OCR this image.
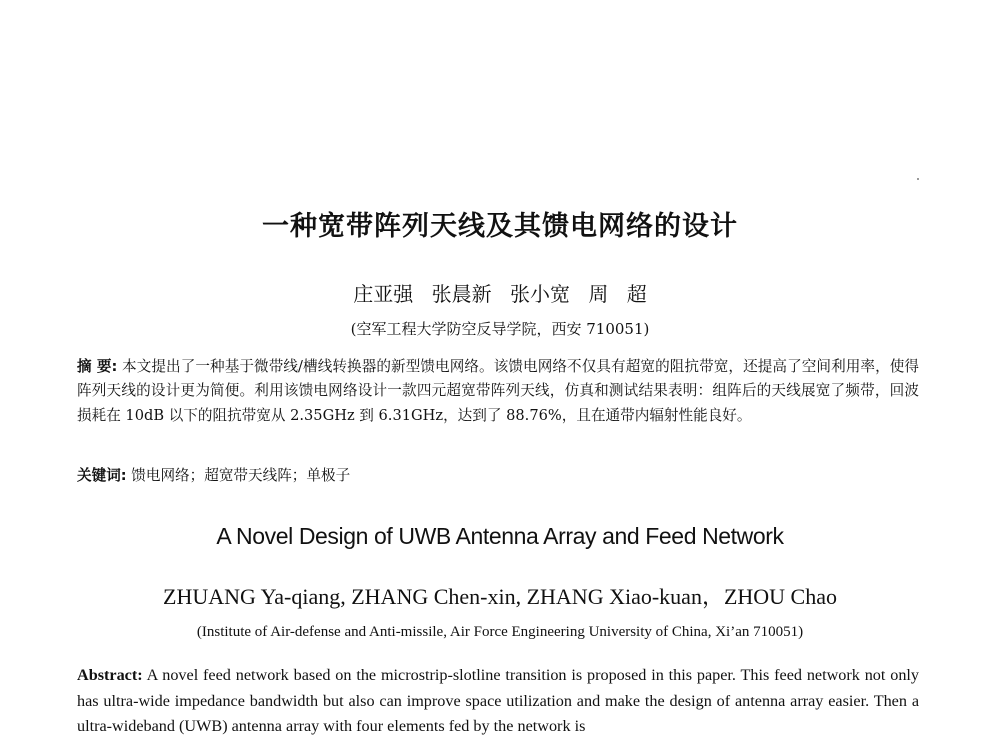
一种宽带阵列天线及其馈电网络的设计
庄亚强 张晨新 张小宽 周 超
(空军工程大学防空反导学院，西安 710051)

摘 要: 本文提出了一种基于微带线/槽线转换器的新型馈电网络。该馈电网络不仅具有超宽的阻抗带宽，还提高了空间利用率，使得阵列天线的设计更为简便。利用该馈电网络设计一款四元超宽带阵列天线，仿真和测试结果表明：组阵后的天线展宽了频带，回波损耗在 10dB 以下的阻抗带宽从 2.35GHz 到 6.31GHz，达到了 88.76%，且在通带内辐射性能良好。

关键词: 馈电网络；超宽带天线阵；单极子

A Novel Design of UWB Antenna Array and Feed Network
ZHUANG Ya-qiang, ZHANG Chen-xin, ZHANG Xiao-kuan，ZHOU Chao
(Institute of Air-defense and Anti-missile, Air Force Engineering University of China, Xi’an 710051)

Abstract: A novel feed network based on the microstrip-slotline transition is proposed in this paper. This feed network not only has ultra-wide impedance bandwidth but also can improve space utilization and make the design of antenna array easier. Then a ultra-wideband (UWB) antenna array with four elements fed by the network is
